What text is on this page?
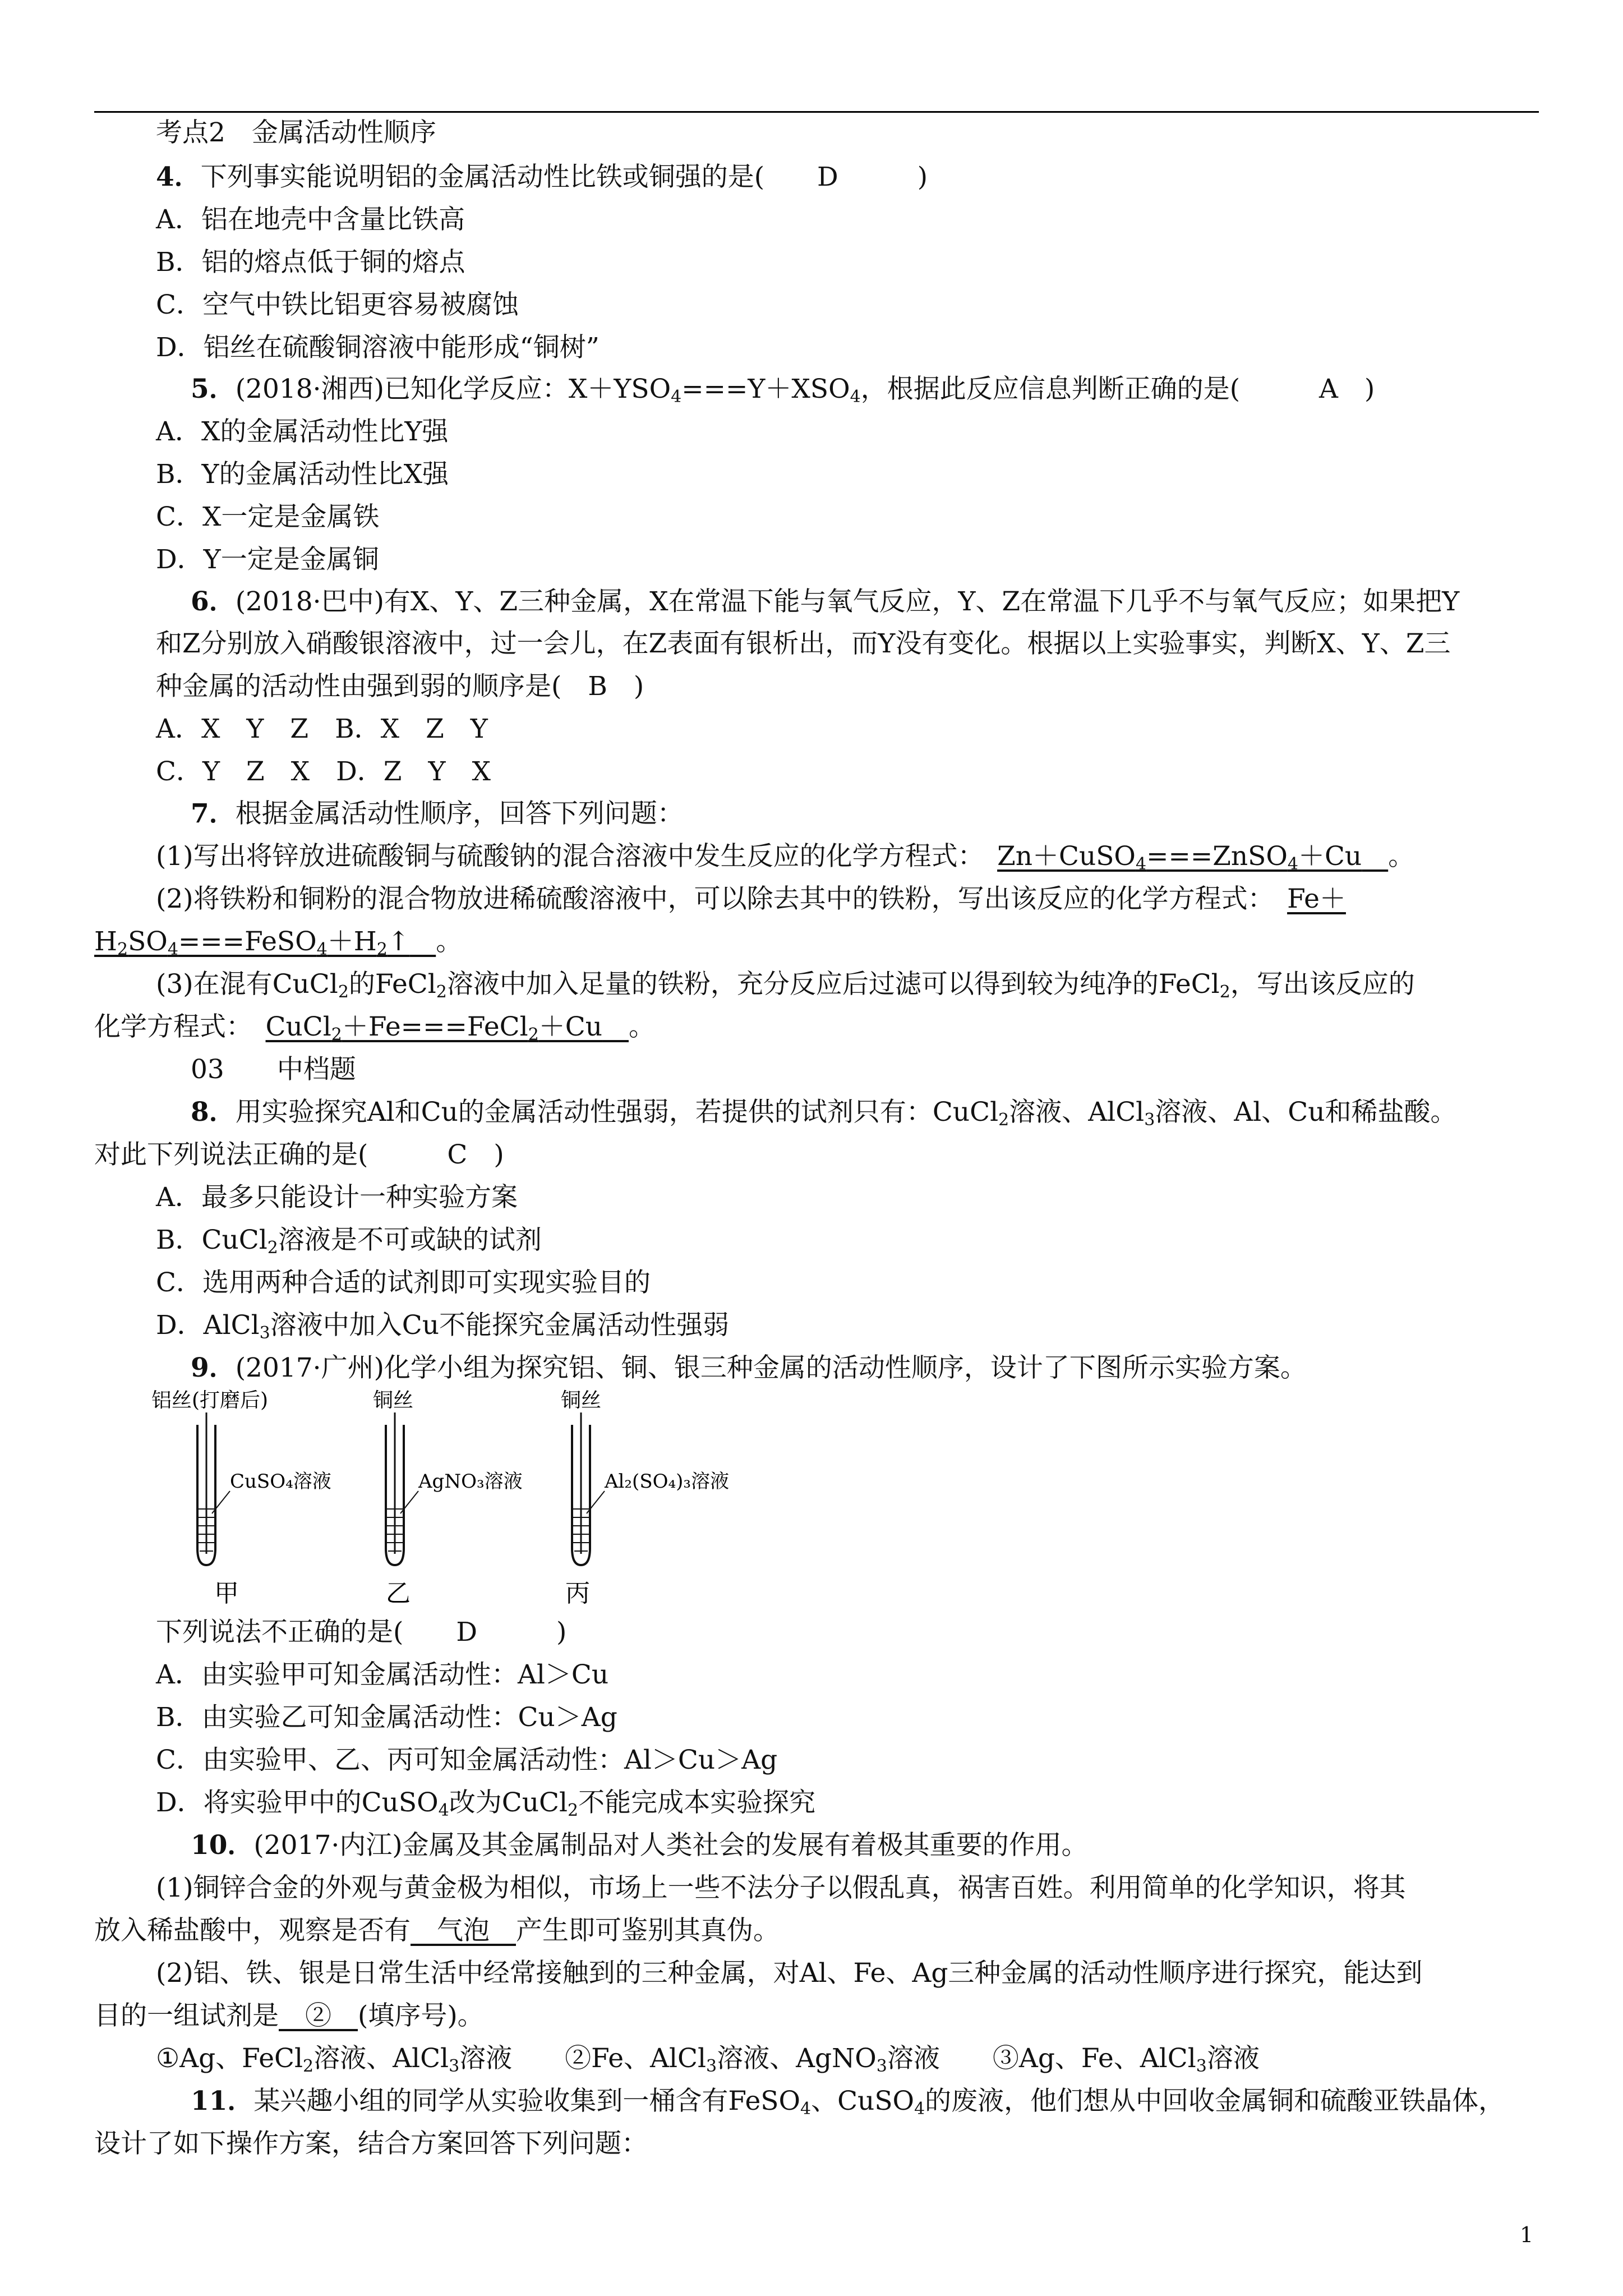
考点2　 金属活动性顺序
4．下列事实能说明铝的金属活动性比铁或铜强的是(　　 D　　　	)
A．铝在地壳中含量比铁高
B．铝的熔点低于铜的熔点
C．空气中铁比铝更容易被腐蚀
D．铝丝在硫酸铜溶液中能形成“铜树”
5．(2018·湘西)已知化学反应：$X+YSO_4===Y+XSO_4$，根据此反应信息判断正确的是(　　　	A　 )
A．X的金属活动性比Y强
B．Y的金属活动性比X强
C．X一定是金属铁
D．Y一定是金属铜
6．(2018·巴中)有X、Y、Z三种金属，X在常温下能与氧气反应，Y、Z在常温下几乎不与氧气反应；如果把Y
和Z分别放入硝酸银溶液中，过一会儿，在Z表面有银析出，而Y没有变化。根据以上实验事实，判断X、Y、Z三
种金属的活动性由强到弱的顺序是(　 B　 )
A．X　Y　Z　B．X　Z　Y
C．Y　Z　X　D．Z　Y　X
7．根据金属活动性顺序，回答下列问题：
(1)写出将锌放进硫酸铜与硫酸钠的混合溶液中发生反应的化学方程式：　 Zn＋CuSO$_4$===ZnSO$_4$＋Cu　 。
(2)将铁粉和铜粉的混合物放进稀硫酸溶液中，可以除去其中的铁粉，写出该反应的化学方程式：　 Fe＋
$H_2SO_4===FeSO_4+H_2↑$　 。
(3)在混有CuCl$_2$的FeCl$_2$溶液中加入足量的铁粉，充分反应后过滤可以得到较为纯净的FeCl$_2$，写出该反应的
化学方程式：　 CuCl$_2$＋Fe===FeCl$_2$＋Cu　 。
03　　 中档题
8．用实验探究Al和Cu的金属活动性强弱，若提供的试剂只有：CuCl$_2$溶液、AlCl$_3$溶液、Al、Cu和稀盐酸。
对此下列说法正确的是(　　　	C　 )
A．最多只能设计一种实验方案
B．CuCl$_2$溶液是不可或缺的试剂
C．选用两种合适的试剂即可实现实验目的
D．AlCl$_3$溶液中加入Cu不能探究金属活动性强弱
9．(2017·广州)化学小组为探究铝、铜、银三种金属的活动性顺序，设计了下图所示实验方案。
铝丝(打磨后)
CuSO₄溶液
甲
铜丝
AgNO₃溶液
乙
铜丝
Al₂(SO₄)₃溶液
丙
下列说法不正确的是(　　 D　　　	)
A．由实验甲可知金属活动性：Al＞Cu
B．由实验乙可知金属活动性：Cu＞Ag
C．由实验甲、乙、丙可知金属活动性：Al＞Cu＞Ag
D．将实验甲中的CuSO$_4$改为CuCl$_2$不能完成本实验探究
10．(2017·内江)金属及其金属制品对人类社会的发展有着极其重要的作用。
(1)铜锌合金的外观与黄金极为相似，市场上一些不法分子以假乱真，祸害百姓。利用简单的化学知识，将其
放入稀盐酸中，观察是否有　 气泡　 产生即可鉴别其真伪。
(2)铝、铁、银是日常生活中经常接触到的三种金属，对Al、Fe、Ag三种金属的活动性顺序进行探究，能达到
目的一组试剂是　 ②　 (填序号)。
①Ag、FeCl$_2$溶液、AlCl$_3$溶液　　 ②Fe、AlCl$_3$溶液、AgNO$_3$溶液　　 ③Ag、Fe、AlCl$_3$溶液
11．某兴趣小组的同学从实验收集到一桶含有FeSO$_4$、CuSO$_4$的废液，他们想从中回收金属铜和硫酸亚铁晶体，
设计了如下操作方案，结合方案回答下列问题：
1
